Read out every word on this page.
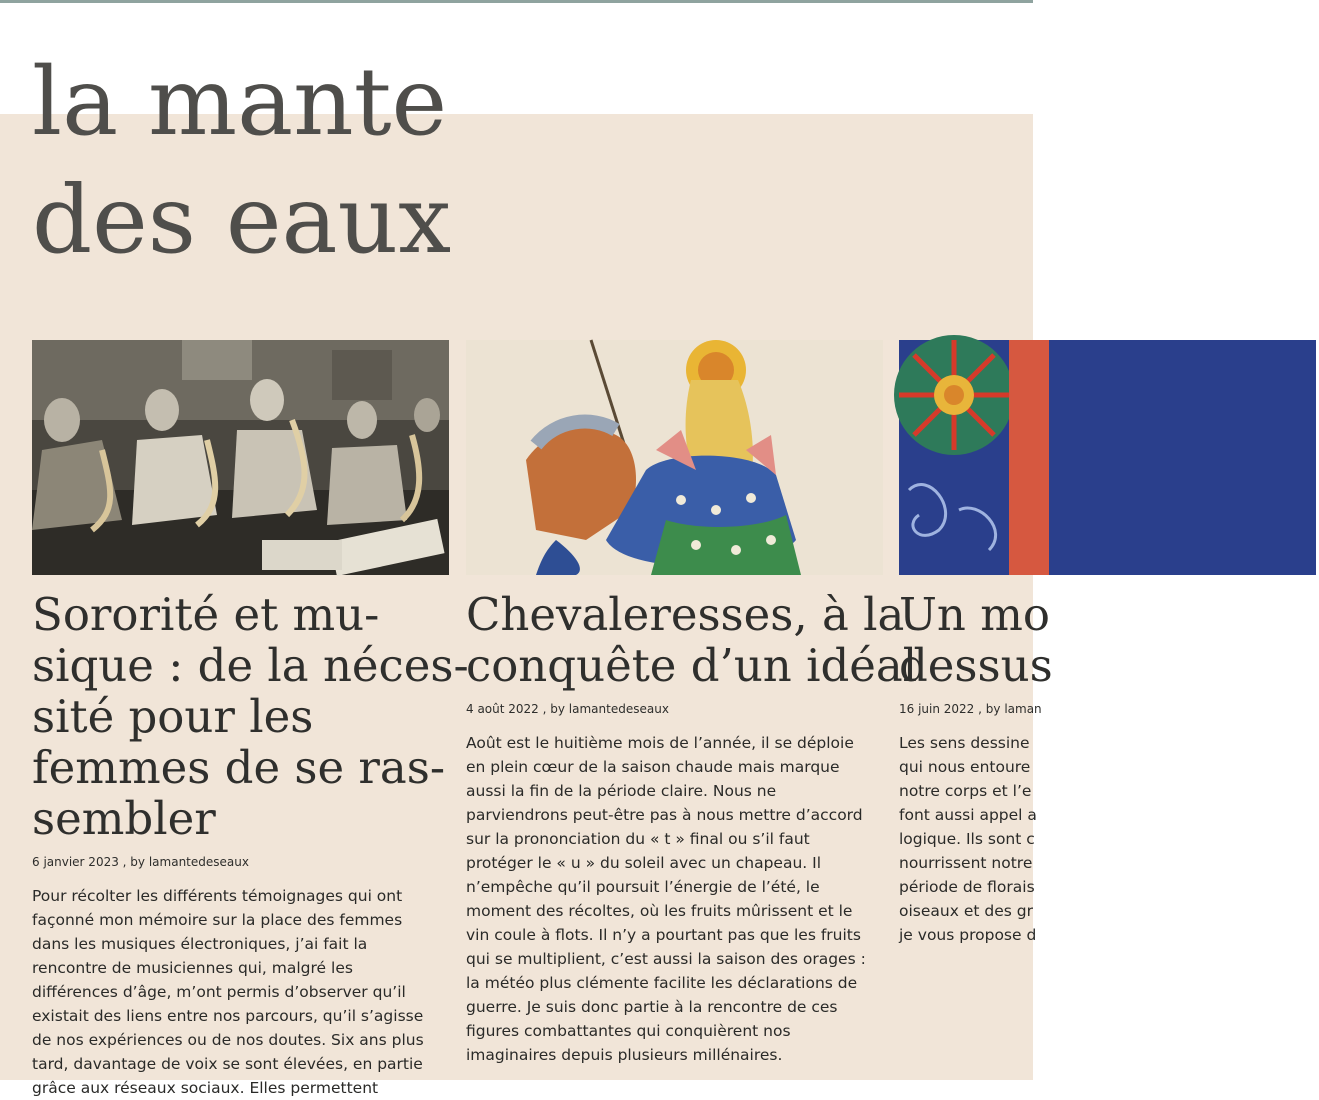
la mante
des eaux
Sororité et mu-
sique : de la néces-
sité pour les
femmes de se ras-
sembler
6 janvier 2023 , by lamantedeseaux
Pour récolter les différents témoignages qui ont
façonné mon mémoire sur la place des femmes
dans les musiques électroniques, j’ai fait la
rencontre de musiciennes qui, malgré les
différences d’âge, m’ont permis d’observer qu’il
existait des liens entre nos parcours, qu’il s’agisse
de nos expériences ou de nos doutes. Six ans plus
tard, davantage de voix se sont élevées, en partie
grâce aux réseaux sociaux. Elles permettent
Chevaleresses, à la
conquête d’un idéal
4 août 2022 , by lamantedeseaux
Août est le huitième mois de l’année, il se déploie
en plein cœur de la saison chaude mais marque
aussi la fin de la période claire. Nous ne
parviendrons peut-être pas à nous mettre d’accord
sur la prononciation du « t » final ou s’il faut
protéger le « u » du soleil avec un chapeau. Il
n’empêche qu’il poursuit l’énergie de l’été, le
moment des récoltes, où les fruits mûrissent et le
vin coule à flots. Il n’y a pourtant pas que les fruits
qui se multiplient, c’est aussi la saison des orages :
la météo plus clémente facilite les déclarations de
guerre. Je suis donc partie à la rencontre de ces
figures combattantes qui conquièrent nos
imaginaires depuis plusieurs millénaires.
Un mo
dessus
16 juin 2022 , by laman
Les sens dessine
qui nous entoure
notre corps et l’e
font aussi appel a
logique. Ils sont c
nourrissent notre
période de florais
oiseaux et des gr
je vous propose d
